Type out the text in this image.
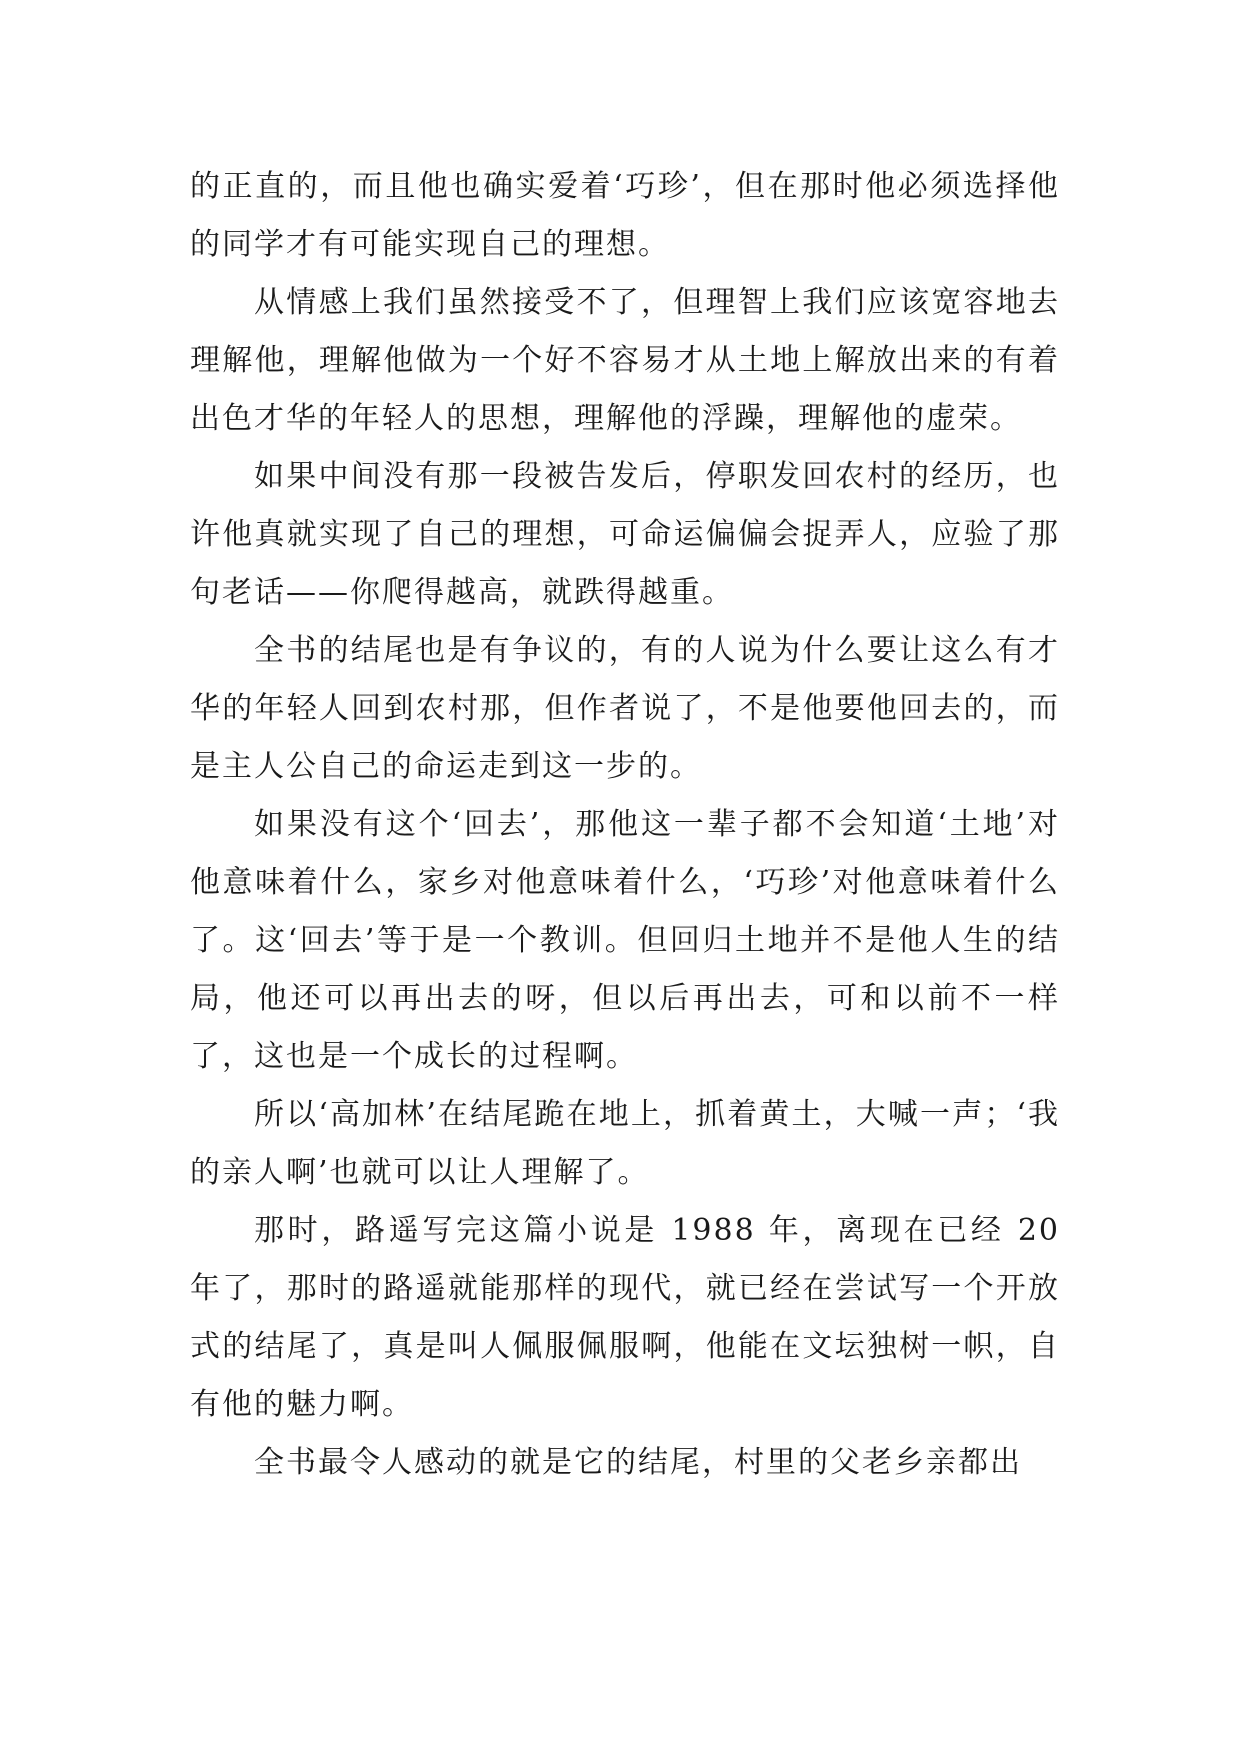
的正直的，而且他也确实爱着‘巧珍’，但在那时他必须选择他的同学才有可能实现自己的理想。

从情感上我们虽然接受不了，但理智上我们应该宽容地去理解他，理解他做为一个好不容易才从土地上解放出来的有着出色才华的年轻人的思想，理解他的浮躁，理解他的虚荣。

如果中间没有那一段被告发后，停职发回农村的经历，也许他真就实现了自己的理想，可命运偏偏会捉弄人，应验了那句老话——你爬得越高，就跌得越重。

全书的结尾也是有争议的，有的人说为什么要让这么有才华的年轻人回到农村那，但作者说了，不是他要他回去的，而是主人公自己的命运走到这一步的。

如果没有这个‘回去’，那他这一辈子都不会知道‘土地’对他意味着什么，家乡对他意味着什么，‘巧珍’对他意味着什么了。这‘回去’等于是一个教训。但回归土地并不是他人生的结局，他还可以再出去的呀，但以后再出去，可和以前不一样了，这也是一个成长的过程啊。

所以‘高加林’在结尾跪在地上，抓着黄土，大喊一声；‘我的亲人啊’也就可以让人理解了。

那时，路遥写完这篇小说是 1988 年，离现在已经 20 年了，那时的路遥就能那样的现代，就已经在尝试写一个开放式的结尾了，真是叫人佩服佩服啊，他能在文坛独树一帜，自有他的魅力啊。

全书最令人感动的就是它的结尾，村里的父老乡亲都出
